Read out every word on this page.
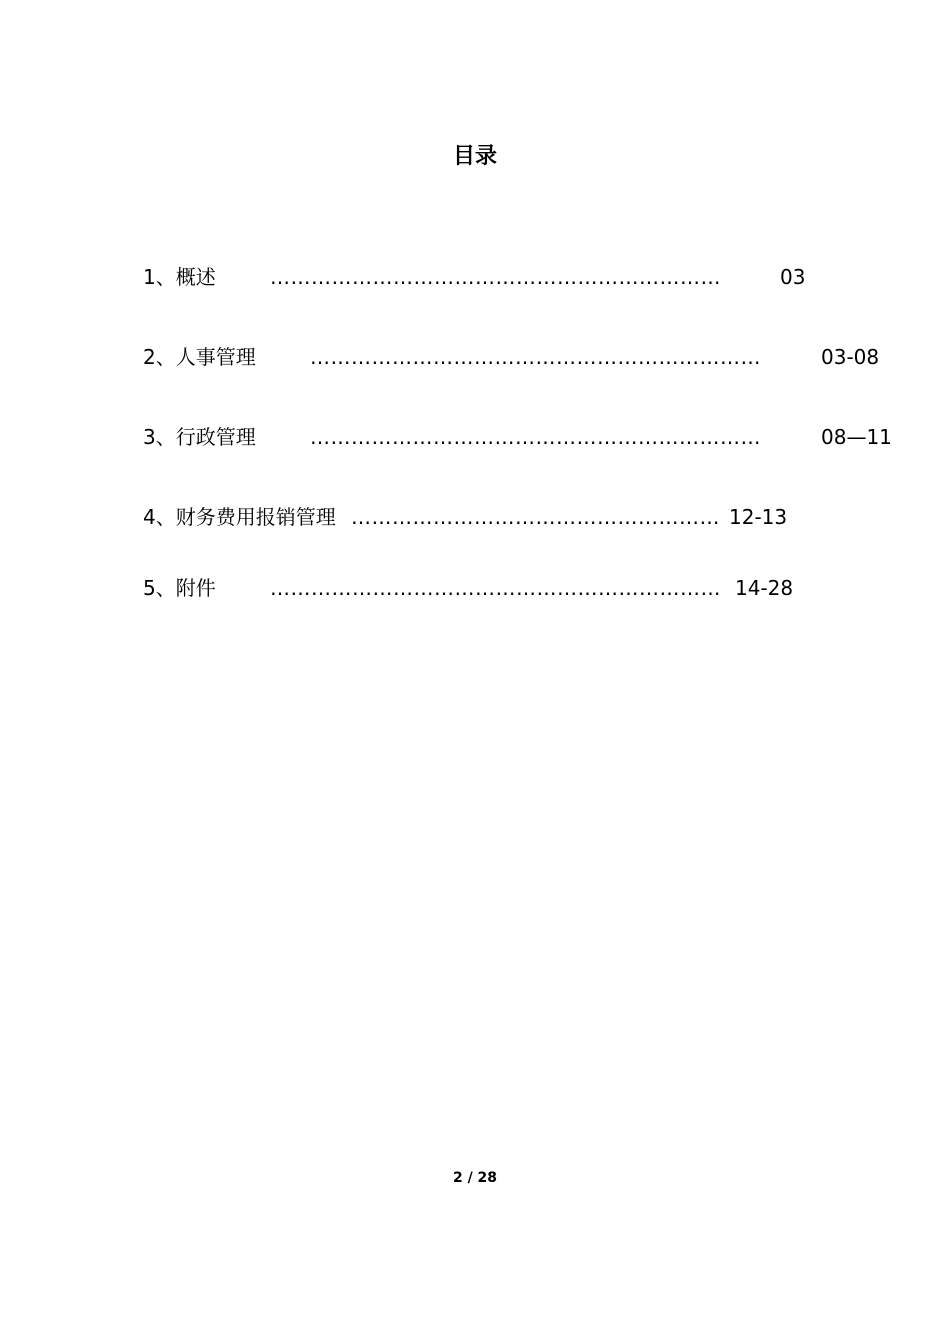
目录
1、概述	…………………………………………………………	03
2、人事管理	…………………………………………………………	03-08
3、行政管理	…………………………………………………………	08—11
4、财务费用报销管理 ……………………………………………… 12-13
5、附件	………………………………………………………… 14-28
2 / 28
